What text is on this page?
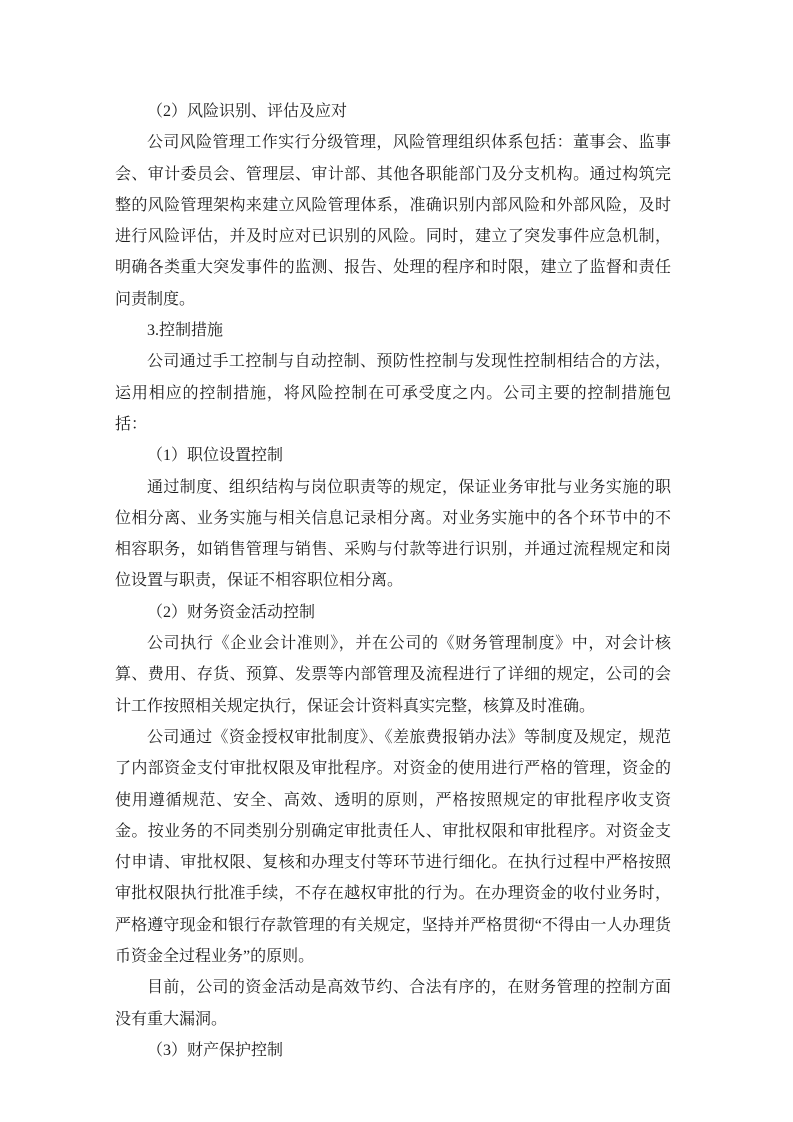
（2）风险识别、评估及应对

公司风险管理工作实行分级管理，风险管理组织体系包括：董事会、监事会、审计委员会、管理层、审计部、其他各职能部门及分支机构。通过构筑完整的风险管理架构来建立风险管理体系，准确识别内部风险和外部风险，及时进行风险评估，并及时应对已识别的风险。同时，建立了突发事件应急机制，明确各类重大突发事件的监测、报告、处理的程序和时限，建立了监督和责任问责制度。

3.控制措施

公司通过手工控制与自动控制、预防性控制与发现性控制相结合的方法，运用相应的控制措施，将风险控制在可承受度之内。公司主要的控制措施包括：

（1）职位设置控制

通过制度、组织结构与岗位职责等的规定，保证业务审批与业务实施的职位相分离、业务实施与相关信息记录相分离。对业务实施中的各个环节中的不相容职务，如销售管理与销售、采购与付款等进行识别，并通过流程规定和岗位设置与职责，保证不相容职位相分离。

（2）财务资金活动控制

公司执行《企业会计准则》，并在公司的《财务管理制度》中，对会计核算、费用、存货、预算、发票等内部管理及流程进行了详细的规定，公司的会计工作按照相关规定执行，保证会计资料真实完整，核算及时准确。

公司通过《资金授权审批制度》、《差旅费报销办法》等制度及规定，规范了内部资金支付审批权限及审批程序。对资金的使用进行严格的管理，资金的使用遵循规范、安全、高效、透明的原则，严格按照规定的审批程序收支资金。按业务的不同类别分别确定审批责任人、审批权限和审批程序。对资金支付申请、审批权限、复核和办理支付等环节进行细化。在执行过程中严格按照审批权限执行批准手续，不存在越权审批的行为。在办理资金的收付业务时，严格遵守现金和银行存款管理的有关规定，坚持并严格贯彻“不得由一人办理货币资金全过程业务”的原则。

目前，公司的资金活动是高效节约、合法有序的，在财务管理的控制方面没有重大漏洞。

（3）财产保护控制
